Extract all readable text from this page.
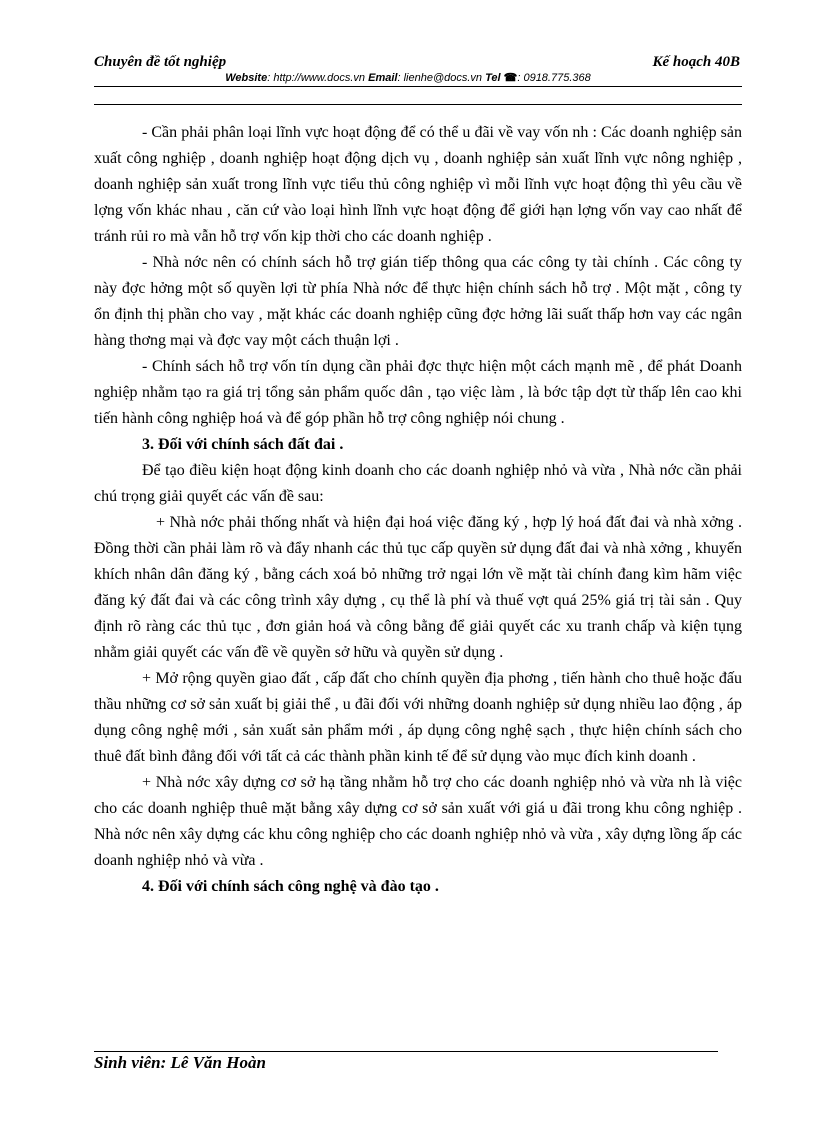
Chuyên đề tốt nghiệp	Kế hoạch 40B
Website: http://www.docs.vn Email: lienhe@docs.vn Tel ☎: 0918.775.368

- Cần phải phân loại lĩnh vực hoạt động để có thể u đãi về vay vốn nh : Các doanh nghiệp sản xuất công nghiệp , doanh nghiệp hoạt động dịch vụ , doanh nghiệp sản xuất lĩnh vực nông nghiệp , doanh nghiệp sản xuất trong lĩnh vực tiểu thủ công nghiệp vì mỗi lĩnh vực hoạt động thì yêu cầu về lợng vốn khác nhau , căn cứ vào loại hình lĩnh vực hoạt động để giới hạn lợng vốn vay cao nhất để tránh rủi ro mà vẫn hỗ trợ vốn kịp thời cho các doanh nghiệp .

- Nhà nớc nên có chính sách hỗ trợ gián tiếp thông qua các công ty tài chính . Các công ty này đợc hởng một số quyền lợi từ phía Nhà nớc để thực hiện chính sách hỗ trợ . Một mặt , công ty ổn định thị phần cho vay , mặt khác các doanh nghiệp cũng đợc hởng lãi suất thấp hơn vay các ngân hàng thơng mại và đợc vay một cách thuận lợi .

- Chính sách hỗ trợ vốn tín dụng cần phải đợc thực hiện một cách mạnh mẽ , để phát Doanh nghiệp nhằm tạo ra giá trị tổng sản phẩm quốc dân , tạo việc làm , là bớc tập dợt từ thấp lên cao khi tiến hành công nghiệp hoá và để góp phần hỗ trợ công nghiệp nói chung .

3. Đối với chính sách đất đai .

Để tạo điều kiện hoạt động kinh doanh cho các doanh nghiệp nhỏ và vừa , Nhà nớc cần phải chú trọng giải quyết các vấn đề sau:

+ Nhà nớc phải thống nhất và hiện đại hoá việc đăng ký , hợp lý hoá đất đai và nhà xởng . Đồng thời cần phải làm rõ và đẩy nhanh các thủ tục cấp quyền sử dụng đất đai và nhà xởng , khuyến khích nhân dân đăng ký , bằng cách xoá bỏ những trở ngại lớn về mặt tài chính đang kìm hãm việc đăng ký đất đai và các công trình xây dựng , cụ thể là phí và thuế vợt quá 25% giá trị tài sản . Quy định rõ ràng các thủ tục , đơn giản hoá và công bằng để giải quyết các xu tranh chấp và kiện tụng nhằm giải quyết các vấn đề về quyền sở hữu và quyền sử dụng .

+ Mở rộng quyền giao đất , cấp đất cho chính quyền địa phơng , tiến hành cho thuê hoặc đấu thầu những cơ sở sản xuất bị giải thể , u đãi đối với những doanh nghiệp sử dụng nhiều lao động , áp dụng công nghệ mới , sản xuất sản phẩm mới , áp dụng công nghệ sạch , thực hiện chính sách cho thuê đất bình đẳng đối với tất cả các thành phần kinh tế để sử dụng vào mục đích kinh doanh .

+ Nhà nớc xây dựng cơ sở hạ tầng nhằm hỗ trợ cho các doanh nghiệp nhỏ và vừa nh là việc cho các doanh nghiệp thuê mặt bằng xây dựng cơ sở sản xuất với giá u đãi trong khu công nghiệp . Nhà nớc nên xây dựng các khu công nghiệp cho các doanh nghiệp nhỏ và vừa , xây dựng lồng ấp các doanh nghiệp nhỏ và vừa .

4. Đối với chính sách công nghệ và đào tạo .

Sinh viên: Lê Văn Hoàn
